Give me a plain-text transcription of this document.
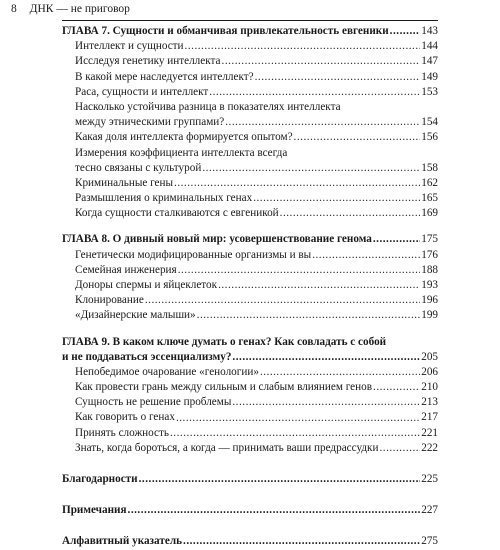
8 ДНК — не приговор
ГЛАВА 7. Сущности и обманчивая привлекательность евгеники .....	143
Интеллект и сущности .....	144
Исследуя генетику интеллекта .....	147
В какой мере наследуется интеллект? .....	149
Раса, сущности и интеллект .....	153
Насколько устойчива разница в показателях интеллекта
между этническими группами? .....	154
Какая доля интеллекта формируется опытом? .....	156
Измерения коэффициента интеллекта всегда
тесно связаны с культурой .....	158
Криминальные гены .....	162
Размышления о криминальных генах .....	165
Когда сущности сталкиваются с евгеникой .....	169
ГЛАВА 8. О дивный новый мир: усовершенствование генома .....	175
Генетически модифицированные организмы и вы .....	176
Семейная инженерия .....	188
Доноры спермы и яйцеклеток .....	193
Клонирование .....	196
«Дизайнерские малыши» .....	199
ГЛАВА 9. В каком ключе думать о генах? Как совладать с собой
и не поддаваться эссенциализму? .....	205
Непобедимое очарование «генологии» .....	206
Как провести грань между сильным и слабым влиянием генов .....	210
Сущность не решение проблемы .....	213
Как говорить о генах .....	217
Принять сложность .....	221
Знать, когда бороться, а когда — принимать ваши предрассудки .....	222
Благодарности .....	225
Примечания .....	227
Алфавитный указатель .....	275
